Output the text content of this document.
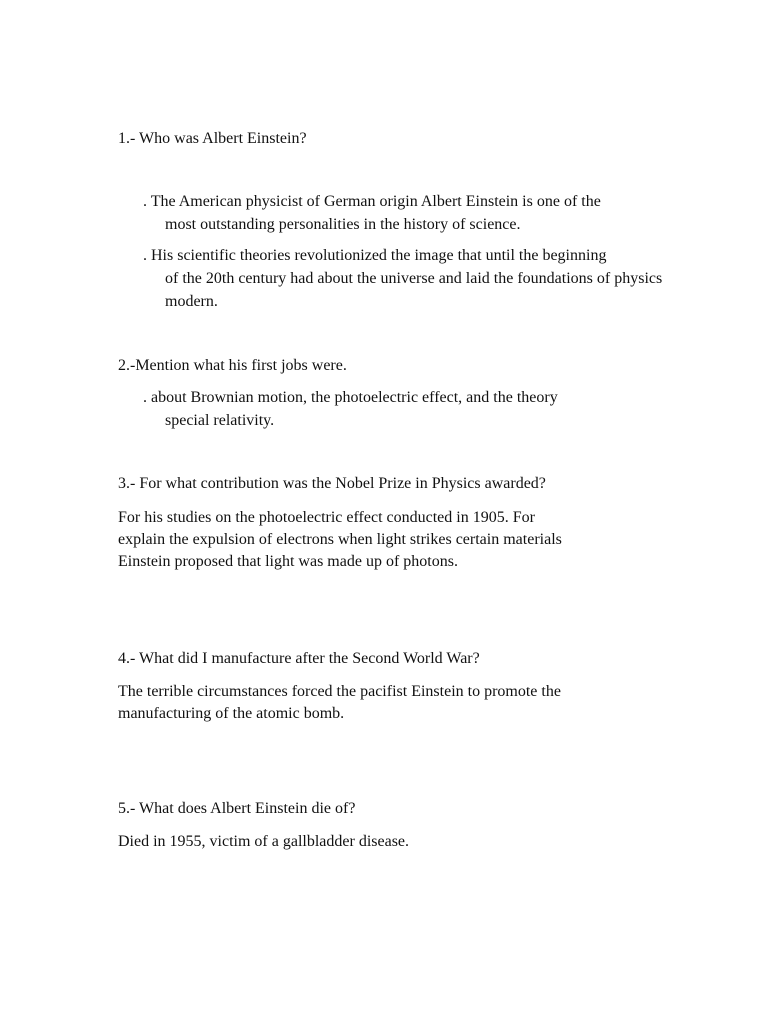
1.- Who was Albert Einstein?
. The American physicist of German origin Albert Einstein is one of the
most outstanding personalities in the history of science.
. His scientific theories revolutionized the image that until the beginning
of the 20th century had about the universe and laid the foundations of physics
modern.
2.-Mention what his first jobs were.
. about Brownian motion, the photoelectric effect, and the theory
special relativity.
3.- For what contribution was the Nobel Prize in Physics awarded?
For his studies on the photoelectric effect conducted in 1905. For
explain the expulsion of electrons when light strikes certain materials
Einstein proposed that light was made up of photons.
4.- What did I manufacture after the Second World War?
The terrible circumstances forced the pacifist Einstein to promote the
manufacturing of the atomic bomb.
5.- What does Albert Einstein die of?
Died in 1955, victim of a gallbladder disease.
